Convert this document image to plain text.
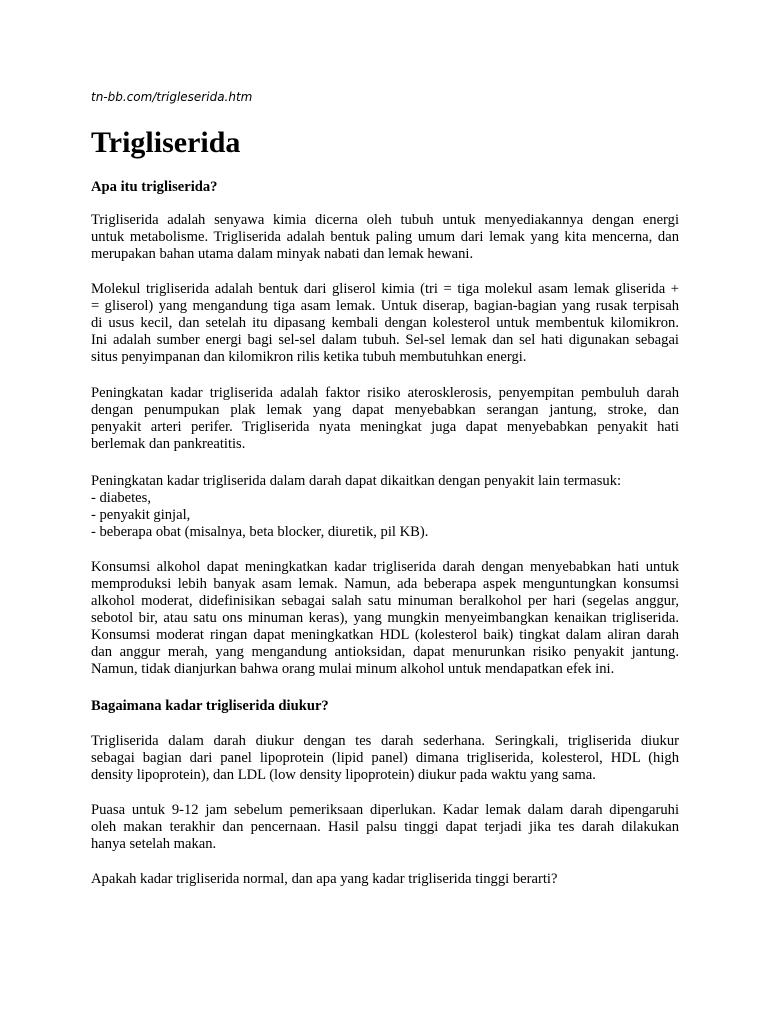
tn-bb.com/trigleserida.htm
Trigliserida
Apa itu trigliserida?
Trigliserida adalah senyawa kimia dicerna oleh tubuh untuk menyediakannya dengan energi
untuk metabolisme. Trigliserida adalah bentuk paling umum dari lemak yang kita mencerna, dan
merupakan bahan utama dalam minyak nabati dan lemak hewani.
Molekul trigliserida adalah bentuk dari gliserol kimia (tri = tiga molekul asam lemak gliserida +
= gliserol) yang mengandung tiga asam lemak. Untuk diserap, bagian-bagian yang rusak terpisah
di usus kecil, dan setelah itu dipasang kembali dengan kolesterol untuk membentuk kilomikron.
Ini adalah sumber energi bagi sel-sel dalam tubuh. Sel-sel lemak dan sel hati digunakan sebagai
situs penyimpanan dan kilomikron rilis ketika tubuh membutuhkan energi.
Peningkatan kadar trigliserida adalah faktor risiko aterosklerosis, penyempitan pembuluh darah
dengan penumpukan plak lemak yang dapat menyebabkan serangan jantung, stroke, dan
penyakit arteri perifer. Trigliserida nyata meningkat juga dapat menyebabkan penyakit hati
berlemak dan pankreatitis.
Peningkatan kadar trigliserida dalam darah dapat dikaitkan dengan penyakit lain termasuk:
- diabetes,
- penyakit ginjal,
- beberapa obat (misalnya, beta blocker, diuretik, pil KB).
Konsumsi alkohol dapat meningkatkan kadar trigliserida darah dengan menyebabkan hati untuk
memproduksi lebih banyak asam lemak. Namun, ada beberapa aspek menguntungkan konsumsi
alkohol moderat, didefinisikan sebagai salah satu minuman beralkohol per hari (segelas anggur,
sebotol bir, atau satu ons minuman keras), yang mungkin menyeimbangkan kenaikan trigliserida.
Konsumsi moderat ringan dapat meningkatkan HDL (kolesterol baik) tingkat dalam aliran darah
dan anggur merah, yang mengandung antioksidan, dapat menurunkan risiko penyakit jantung.
Namun, tidak dianjurkan bahwa orang mulai minum alkohol untuk mendapatkan efek ini.
Bagaimana kadar trigliserida diukur?
Trigliserida dalam darah diukur dengan tes darah sederhana. Seringkali, trigliserida diukur
sebagai bagian dari panel lipoprotein (lipid panel) dimana trigliserida, kolesterol, HDL (high
density lipoprotein), dan LDL (low density lipoprotein) diukur pada waktu yang sama.
Puasa untuk 9-12 jam sebelum pemeriksaan diperlukan. Kadar lemak dalam darah dipengaruhi
oleh makan terakhir dan pencernaan. Hasil palsu tinggi dapat terjadi jika tes darah dilakukan
hanya setelah makan.
Apakah kadar trigliserida normal, dan apa yang kadar trigliserida tinggi berarti?
